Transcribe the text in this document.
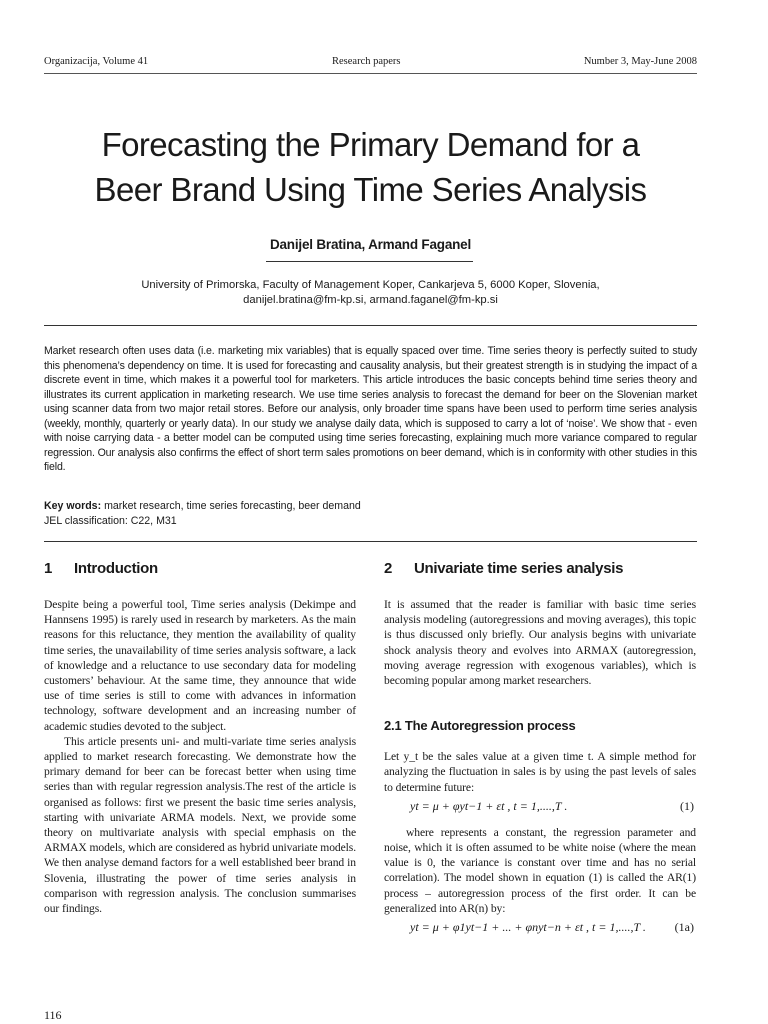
Organizacija, Volume 41	Research papers	Number 3, May-June 2008
Forecasting the Primary Demand for a
Beer Brand Using Time Series Analysis
Danijel Bratina, Armand Faganel
University of Primorska, Faculty of Management Koper, Cankarjeva 5, 6000 Koper, Slovenia,
danijel.bratina@fm-kp.si, armand.faganel@fm-kp.si

Market research often uses data (i.e. marketing mix variables) that is equally spaced over time. Time series theory is perfectly suited to study this phenomena’s dependency on time. It is used for forecasting and causality analysis, but their greatest strength is in studying the impact of a discrete event in time, which makes it a powerful tool for marketers. This article introduces the basic concepts behind time series theory and illustrates its current application in marketing research. We use time series analysis to forecast the demand for beer on the Slovenian market using scanner data from two major retail stores. Before our analysis, only broader time spans have been used to perform time series analysis (weekly, monthly, quarterly or yearly data). In our study we analyse daily data, which is supposed to carry a lot of ‘noise’. We show that - even with noise carrying data - a better model can be computed using time series forecasting, explaining much more variance compared to regular regression. Our analysis also confirms the effect of short term sales promotions on beer demand, which is in conformity with other studies in this field.

Key words: market research, time series forecasting, beer demand
JEL classification: C22, M31
1 Introduction

Despite being a powerful tool, Time series analysis (Dekimpe and Hannsens 1995) is rarely used in research by marketers. As the main reasons for this reluctance, they mention the availability of quality time series, the unavailability of time series analysis software, a lack of knowledge and a reluctance to use secondary data for modeling customers’ behaviour. At the same time, they announce that wide use of time series is still to come with advances in information technology, software development and an increasing number of academic studies devoted to the subject.

This article presents uni- and multi-variate time series analysis applied to market research forecasting. We demonstrate how the primary demand for beer can be forecast better when using time series than with regular regression analysis.The rest of the article is organised as follows: first we present the basic time series analysis, starting with univariate ARMA models. Next, we provide some theory on multivariate analysis with special emphasis on the ARMAX models, which are considered as hybrid univariate models. We then analyse demand factors for a well established beer brand in Slovenia, illustrating the power of time series analysis in comparison with regression analysis. The conclusion summarises our findings.

2 Univariate time series analysis

It is assumed that the reader is familiar with basic time series analysis modeling (autoregressions and moving averages), this topic is thus discussed only briefly. Our analysis begins with univariate shock analysis theory and evolves into ARMAX (autoregression, moving average regression with exogenous variables), which is becoming popular among market researchers.

2.1 The Autoregression process

Let y_t be the sales value at a given time t. A simple method for analyzing the fluctuation in sales is by using the past levels of sales to determine future:

yt = μ + φyt−1 + εt , t = 1,....,T .	(1)

where represents a constant, the regression parameter and noise, which it is often assumed to be white noise (where the mean value is 0, the variance is constant over time and has no serial correlation). The model shown in equation (1) is called the AR(1) process – autoregression process of the first order. It can be generalized into AR(n) by:

yt = μ + φ1yt−1 + ... + φnyt−n + εt , t = 1,....,T . (1a)
116
